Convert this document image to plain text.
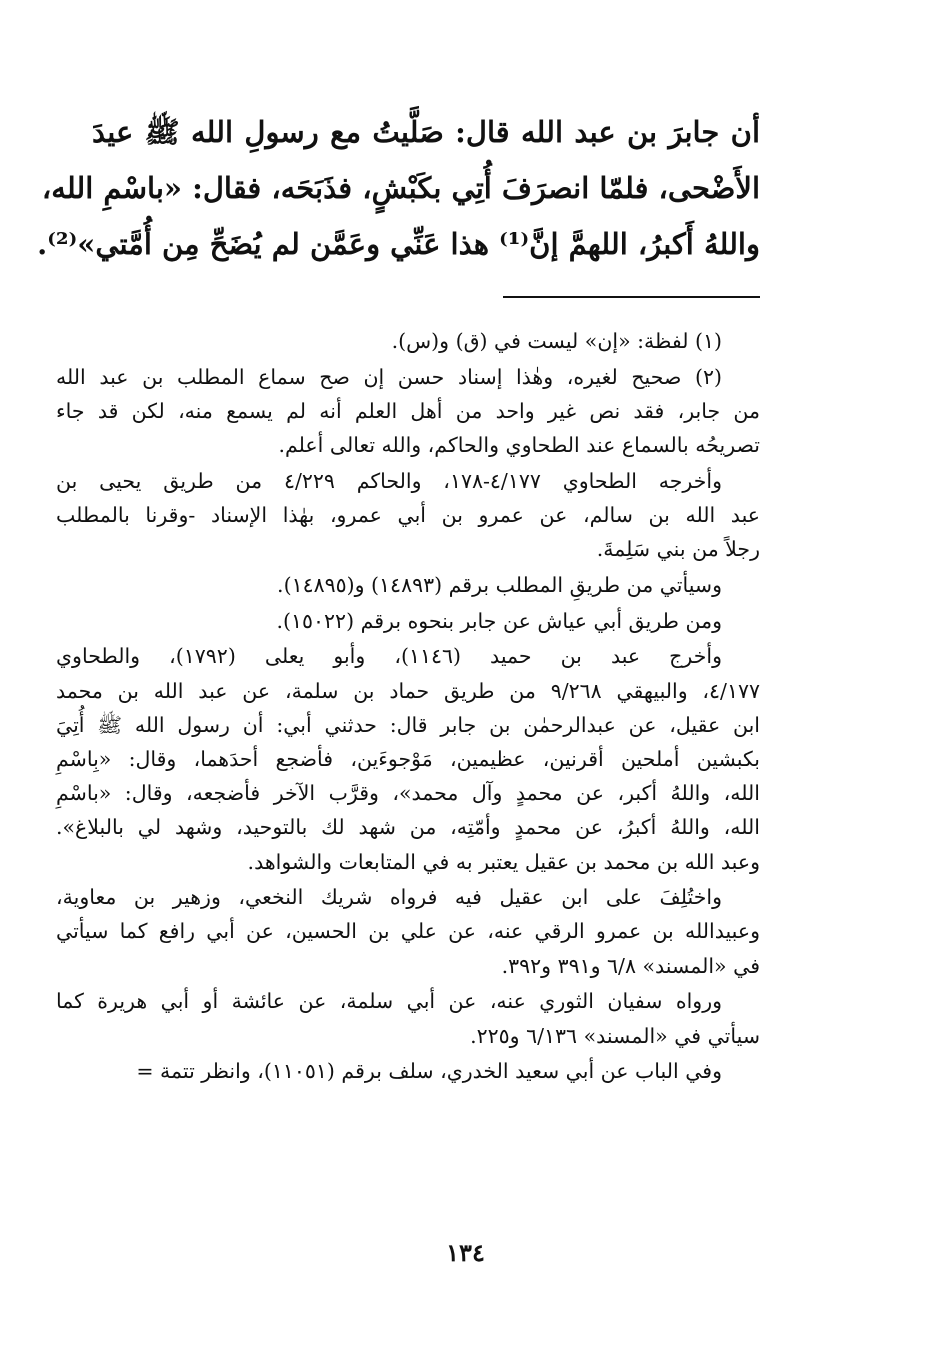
أن جابرَ بن عبد الله قال: صَلَّيتُ مع رسولِ الله ﷺ عيدَ
الأَضْحى، فلمّا انصرَفَ أُتِي بكَبْشٍ، فذَبَحَه، فقال: «باسْمِ الله،
واللهُ أَكبرُ، اللهمَّ إنَّ⁽¹⁾ هذا عَنِّي وعَمَّن لم يُضَحِّ مِن أُمَّتي»⁽²⁾.
(١) لفظة: «إن» ليست في (ق) و(س).
(٢) صحيح لغيره، وهٰذا إسناد حسن إن صح سماع المطلب بن عبد الله
من جابر، فقد نص غير واحد من أهل العلم أنه لم يسمع منه، لكن قد جاء
تصريحُه بالسماع عند الطحاوي والحاكم، والله تعالى أعلم.
وأخرجه الطحاوي ٤/١٧٧-١٧٨، والحاكم ٤/٢٢٩ من طريق يحيى بن
عبد الله بن سالم، عن عمرو بن أبي عمرو، بهٰذا الإسناد -وقرنا بالمطلب
رجلاً من بني سَلِمةَ.
وسيأتي من طريقِ المطلب برقم (١٤٨٩٣) و(١٤٨٩٥).
ومن طريق أبي عياش عن جابر بنحوه برقم (١٥٠٢٢).
وأخرج عبد بن حميد (١١٤٦)، وأبو يعلى (١٧٩٢)، والطحاوي
٤/١٧٧، والبيهقي ٩/٢٦٨ من طريق حماد بن سلمة، عن عبد الله بن محمد
ابن عقيل، عن عبدالرحمٰن بن جابر قال: حدثني أبي: أن رسول الله ﷺ أُتِيَ
بكبشين أملحين أقرنين، عظيمين، مَوْجوءَين، فأضجع أحدَهما، وقال: «بِاسْمِ
الله، واللهُ أكبر، عن محمدٍ وآل محمد»، وقرَّب الآخر فأضجعه، وقال: «باسْمِ
الله، واللهُ أكبرُ، عن محمدٍ وأمّتِه، من شهد لك بالتوحيد، وشهد لي بالبلاغ».
وعبد الله بن محمد بن عقيل يعتبر به في المتابعات والشواهد.
واختُلِفَ على ابن عقيل فيه فرواه شريك النخعي، وزهير بن معاوية،
وعبيدالله بن عمرو الرقي عنه، عن علي بن الحسين، عن أبي رافع كما سيأتي
في «المسند» ٦/٨ و٣٩١ و٣٩٢.
ورواه سفيان الثوري عنه، عن أبي سلمة، عن عائشة أو أبي هريرة كما
سيأتي في «المسند» ٦/١٣٦ و٢٢٥.
وفي الباب عن أبي سعيد الخدري، سلف برقم (١١٠٥١)، وانظر تتمة =
١٣٤
